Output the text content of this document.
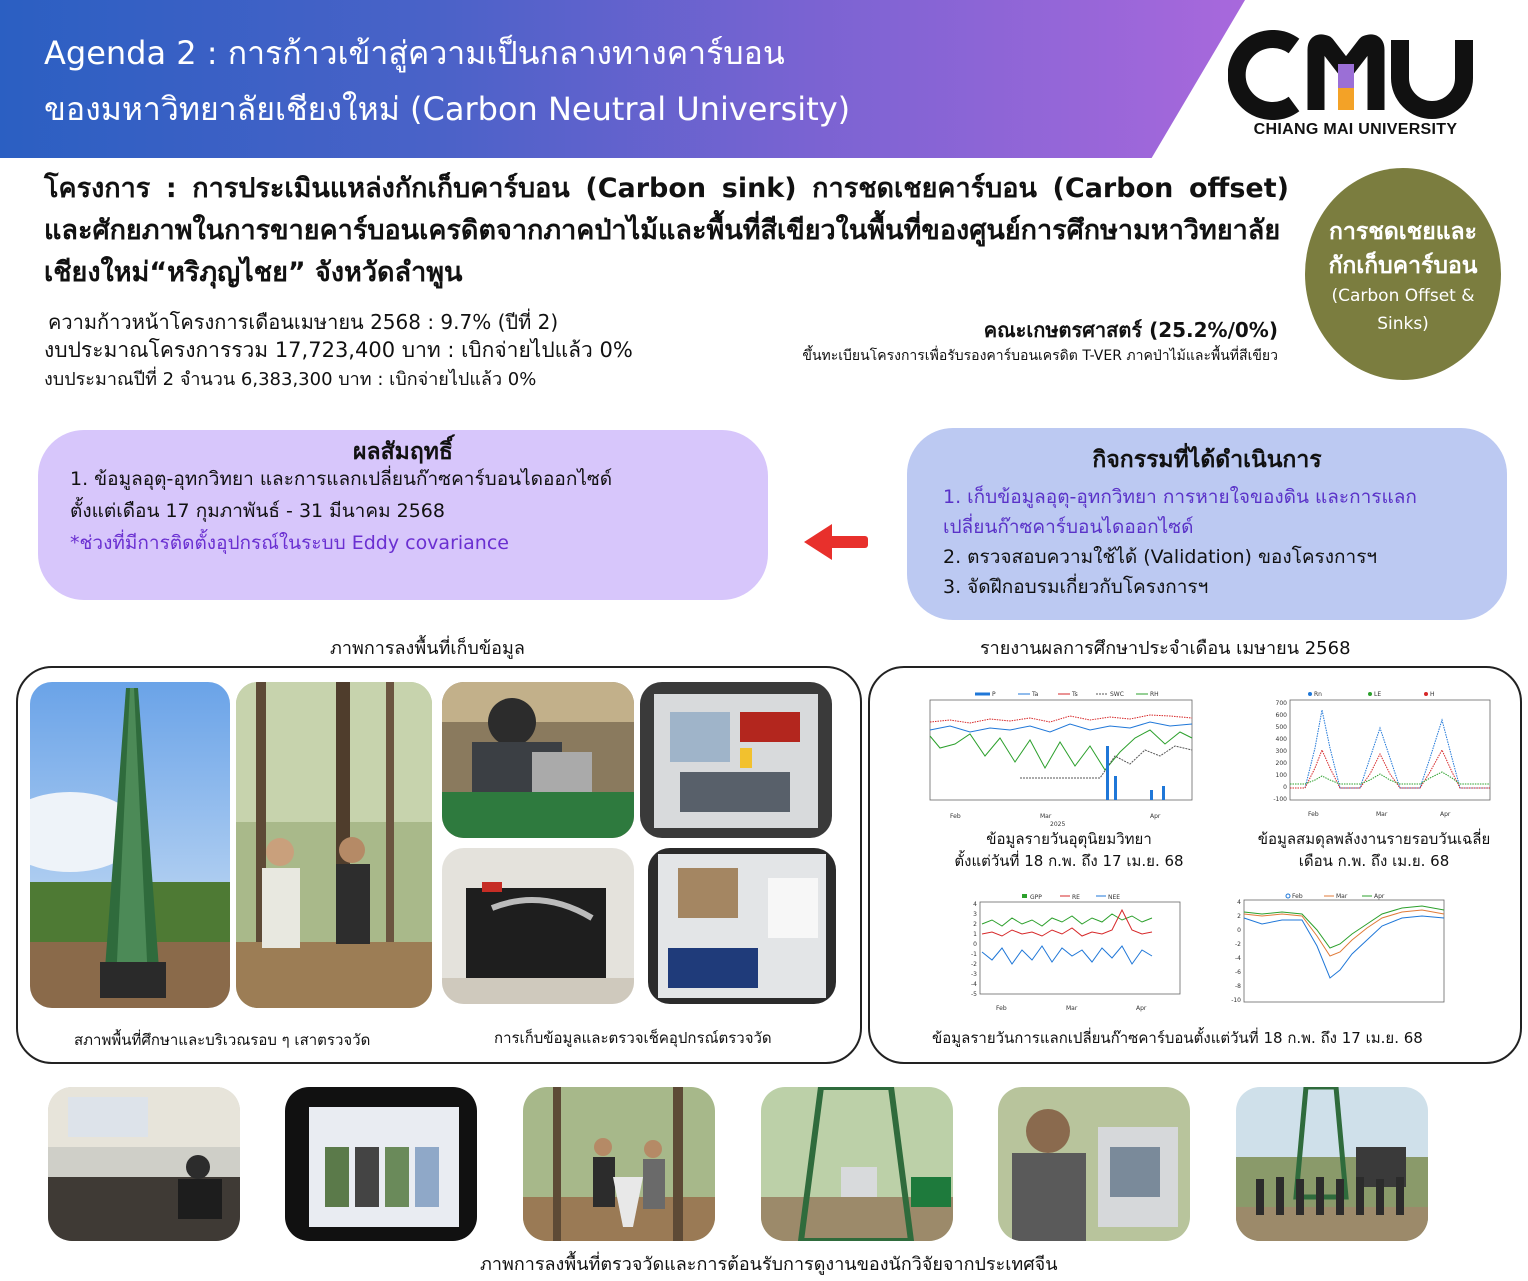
Agenda 2 : การก้าวเข้าสู่ความเป็นกลางทางคาร์บอน
ของมหาวิทยาลัยเชียงใหม่ (Carbon Neutral University)
CHIANG MAI UNIVERSITY
โครงการ : การประเมินแหล่งกักเก็บคาร์บอน (Carbon sink) การชดเชยคาร์บอน (Carbon offset) และศักยภาพในการขายคาร์บอนเครดิตจากภาคป่าไม้และพื้นที่สีเขียวในพื้นที่ของศูนย์การศึกษามหาวิทยาลัยเชียงใหม่“หริภุญไชย” จังหวัดลำพูน
การชดเชยและ
กักเก็บคาร์บอน
(Carbon Offset &
Sinks)
ความก้าวหน้าโครงการเดือนเมษายน 2568 : 9.7% (ปีที่ 2)
งบประมาณโครงการรวม 17,723,400 บาท : เบิกจ่ายไปแล้ว 0%
งบประมาณปีที่ 2 จำนวน 6,383,300 บาท : เบิกจ่ายไปแล้ว 0%
คณะเกษตรศาสตร์ (25.2%/0%)
ขึ้นทะเบียนโครงการเพื่อรับรองคาร์บอนเครดิต T-VER ภาคป่าไม้และพื้นที่สีเขียว
ผลสัมฤทธิ์
1. ข้อมูลอุตุ-อุทกวิทยา และการแลกเปลี่ยนก๊าซคาร์บอนไดออกไซด์
ตั้งแต่เดือน 17 กุมภาพันธ์ - 31 มีนาคม 2568
*ช่วงที่มีการติดตั้งอุปกรณ์ในระบบ Eddy covariance
กิจกรรมที่ได้ดำเนินการ
1. เก็บข้อมูลอุตุ-อุทกวิทยา การหายใจของดิน และการแลก
เปลี่ยนก๊าซคาร์บอนไดออกไซด์
2. ตรวจสอบความใช้ได้ (Validation) ของโครงการฯ
3. จัดฝึกอบรมเกี่ยวกับโครงการฯ
ภาพการลงพื้นที่เก็บข้อมูล	รายงานผลการศึกษาประจำเดือน เมษายน 2568
สภาพพื้นที่ศึกษาและบริเวณรอบ ๆ เสาตรวจวัด	การเก็บข้อมูลและตรวจเช็คอุปกรณ์ตรวจวัด
P	Ta	Ts	SWC	RH
Feb	Mar	Apr
2025
Rn	LE	H
700
600
500
400
300
200
100
0
-100
Feb	Mar	Apr
ข้อมูลรายวันอุตุนิยมวิทยา
ตั้งแต่วันที่ 18 ก.พ. ถึง 17 เม.ย. 68
ข้อมูลสมดุลพลังงานรายรอบวันเฉลี่ย
เดือน ก.พ. ถึง เม.ย. 68
GPP	RE	NEE
4
3
2
1
0
-1
-2
-3
-4
-5
Feb	Mar	Apr
Feb	Mar	Apr
4
2
0
-2
-4
-6
-8
-10
ข้อมูลรายวันการแลกเปลี่ยนก๊าซคาร์บอนตั้งแต่วันที่ 18 ก.พ. ถึง 17 เม.ย. 68
ภาพการลงพื้นที่ตรวจวัดและการต้อนรับการดูงานของนักวิจัยจากประเทศจีน
